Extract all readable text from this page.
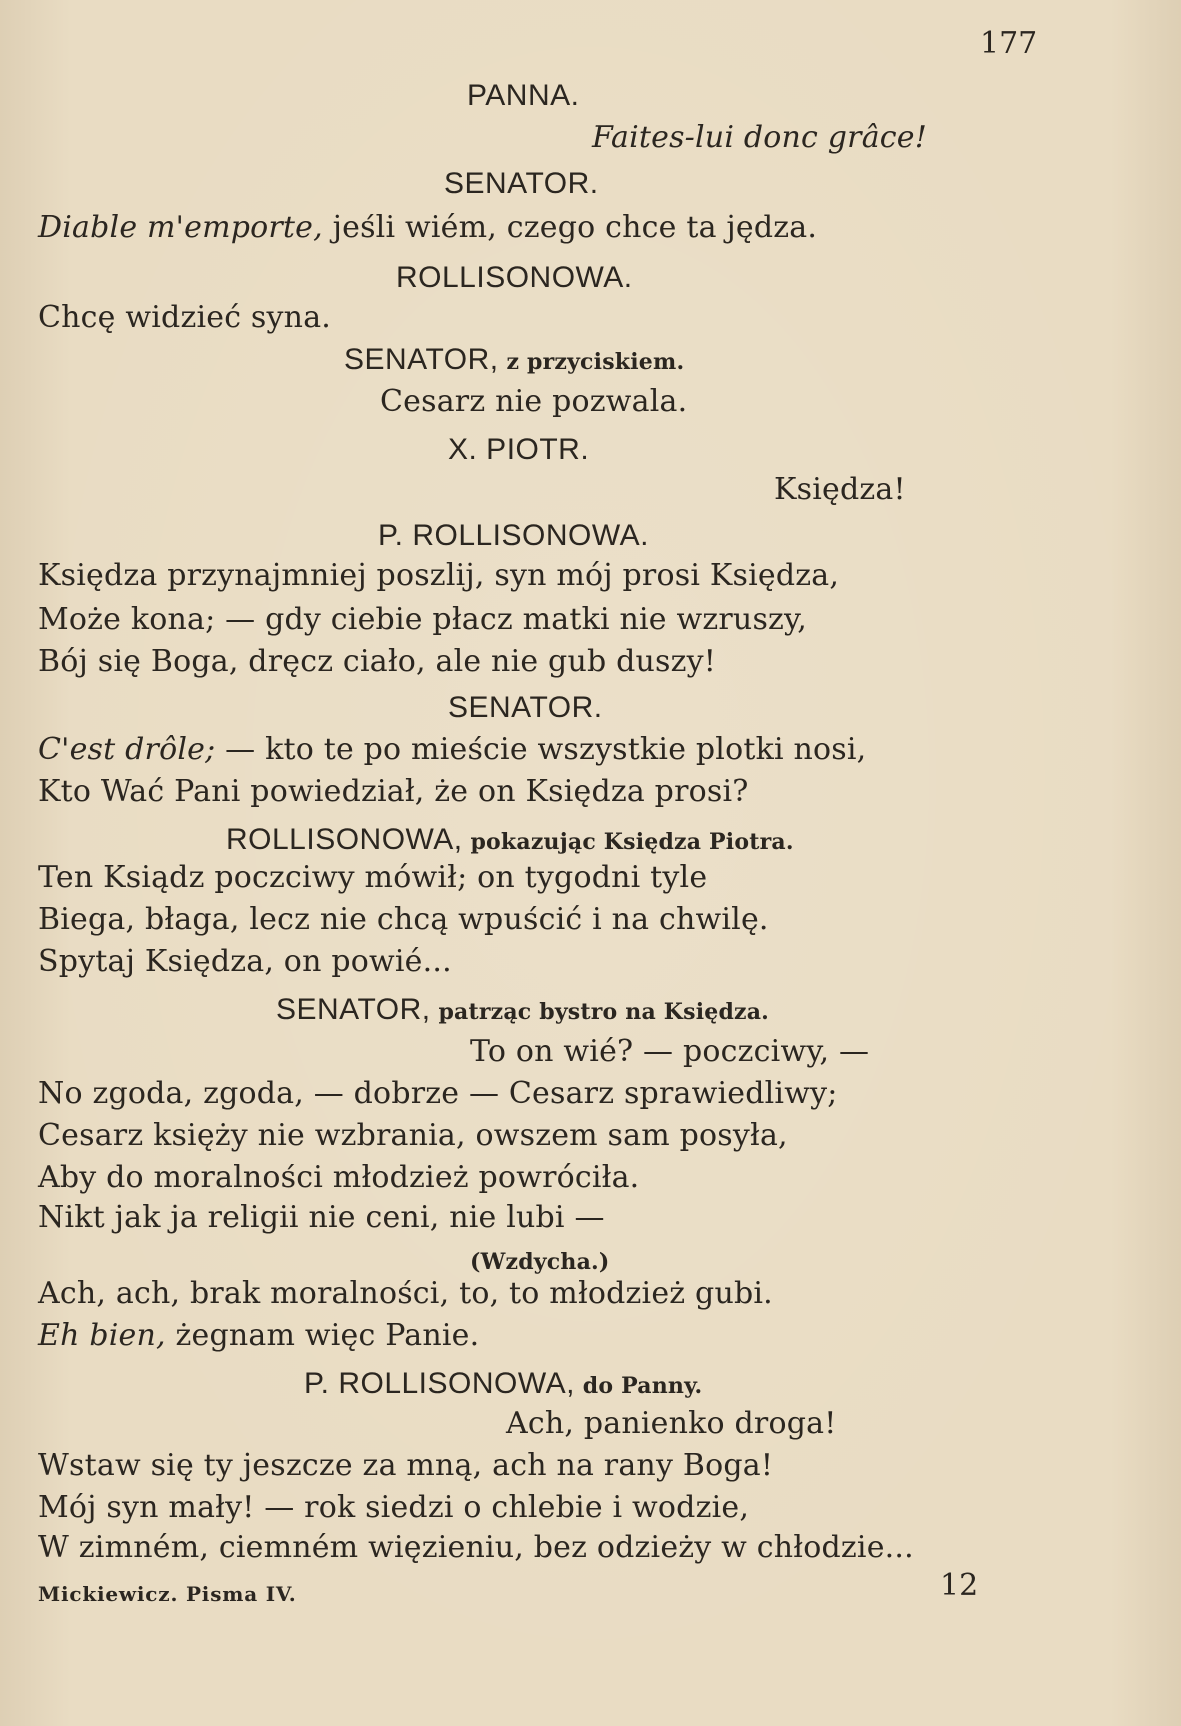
177
PANNA.
Faites-lui donc grâce!
SENATOR.
Diable m'emporte, jeśli wiém, czego chce ta jędza.
ROLLISONOWA.
Chcę widzieć syna.
SENATOR, z przyciskiem.
Cesarz nie pozwala.
X. PIOTR.
Księdza!
P. ROLLISONOWA.
Księdza przynajmniej poszlij, syn mój prosi Księdza,
Może kona; — gdy ciebie płacz matki nie wzruszy,
Bój się Boga, dręcz ciało, ale nie gub duszy!
SENATOR.
C'est drôle; — kto te po mieście wszystkie plotki nosi,
Kto Wać Pani powiedział, że on Księdza prosi?
ROLLISONOWA, pokazując Księdza Piotra.
Ten Ksiądz poczciwy mówił; on tygodni tyle
Biega, błaga, lecz nie chcą wpuścić i na chwilę.
Spytaj Księdza, on powié...
SENATOR, patrząc bystro na Księdza.
To on wié? — poczciwy, —
No zgoda, zgoda, — dobrze — Cesarz sprawiedliwy;
Cesarz księży nie wzbrania, owszem sam posyła,
Aby do moralności młodzież powróciła.
Nikt jak ja religii nie ceni, nie lubi —
(Wzdycha.)
Ach, ach, brak moralności, to, to młodzież gubi.
Eh bien, żegnam więc Panie.
P. ROLLISONOWA, do Panny.
Ach, panienko droga!
Wstaw się ty jeszcze za mną, ach na rany Boga!
Mój syn mały! — rok siedzi o chlebie i wodzie,
W zimném, ciemném więzieniu, bez odzieży w chłodzie...
Mickiewicz. Pisma IV.	12
